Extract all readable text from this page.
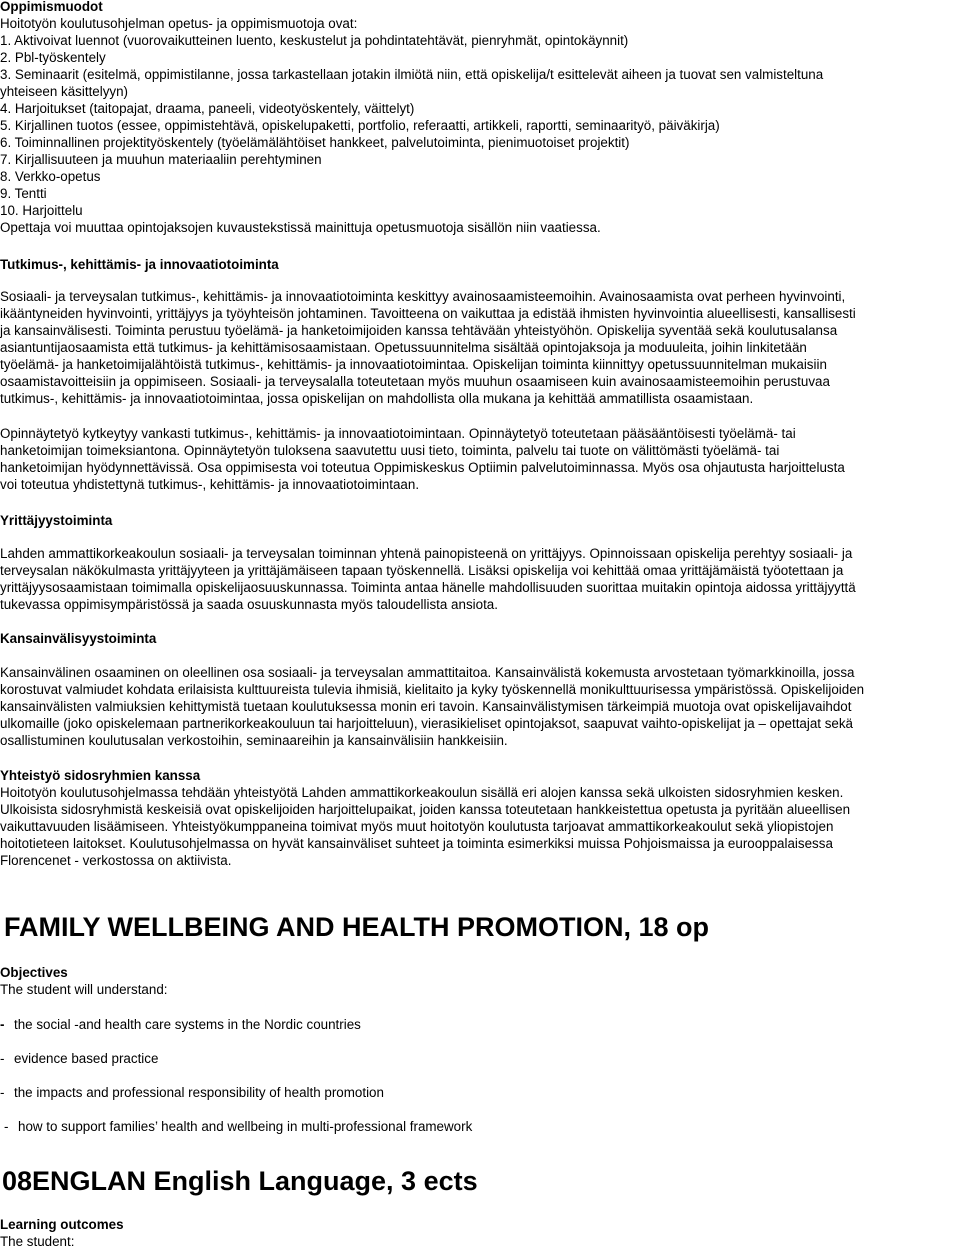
Oppimismuodot
Hoitotyön koulutusohjelman opetus- ja oppimismuotoja ovat:
1. Aktivoivat luennot (vuorovaikutteinen luento, keskustelut ja pohdintatehtävät, pienryhmät, opintokäynnit)
2. Pbl-työskentely
3. Seminaarit (esitelmä, oppimistilanne, jossa tarkastellaan jotakin ilmiötä niin, että opiskelija/t esittelevät aiheen ja tuovat sen valmisteltuna
yhteiseen käsittelyyn)
4. Harjoitukset (taitopajat, draama, paneeli, videotyöskentely, väittelyt)
5. Kirjallinen tuotos (essee, oppimistehtävä, opiskelupaketti, portfolio, referaatti, artikkeli, raportti, seminaarityö, päiväkirja)
6. Toiminnallinen projektityöskentely (työelämälähtöiset hankkeet, palvelutoiminta, pienimuotoiset projektit)
7. Kirjallisuuteen ja muuhun materiaaliin perehtyminen
8. Verkko-opetus
9. Tentti
10. Harjoittelu
Opettaja voi muuttaa opintojaksojen kuvaustekstissä mainittuja opetusmuotoja sisällön niin vaatiessa.
Tutkimus-, kehittämis- ja innovaatiotoiminta
Sosiaali- ja terveysalan tutkimus-, kehittämis- ja innovaatiotoiminta keskittyy avainosaamisteemoihin. Avainosaamista ovat perheen hyvinvointi,
ikääntyneiden hyvinvointi, yrittäjyys ja työyhteisön johtaminen. Tavoitteena on vaikuttaa ja edistää ihmisten hyvinvointia alueellisesti, kansallisesti
ja kansainvälisesti. Toiminta perustuu työelämä- ja hanketoimijoiden kanssa tehtävään yhteistyöhön. Opiskelija syventää sekä koulutusalansa
asiantuntijaosaamista että tutkimus- ja kehittämisosaamistaan. Opetussuunnitelma sisältää opintojaksoja ja moduuleita, joihin linkitetään
työelämä- ja hanketoimijalähtöistä tutkimus-, kehittämis- ja innovaatiotoimintaa. Opiskelijan toiminta kiinnittyy opetussuunnitelman mukaisiin
osaamistavoitteisiin ja oppimiseen. Sosiaali- ja terveysalalla toteutetaan myös muuhun osaamiseen kuin avainosaamisteemoihin perustuvaa
tutkimus-, kehittämis- ja innovaatiotoimintaa, jossa opiskelijan on mahdollista olla mukana ja kehittää ammatillista osaamistaan.
Opinnäytetyö kytkeytyy vankasti tutkimus-, kehittämis- ja innovaatiotoimintaan. Opinnäytetyö toteutetaan pääsääntöisesti työelämä- tai
hanketoimijan toimeksiantona. Opinnäytetyön tuloksena saavutettu uusi tieto, toiminta, palvelu tai tuote on välittömästi työelämä- tai
hanketoimijan hyödynnettävissä. Osa oppimisesta voi toteutua Oppimiskeskus Optiimin palvelutoiminnassa. Myös osa ohjautusta harjoittelusta
voi toteutua yhdistettynä tutkimus-, kehittämis- ja innovaatiotoimintaan.
Yrittäjyystoiminta
Lahden ammattikorkeakoulun sosiaali- ja terveysalan toiminnan yhtenä painopisteenä on yrittäjyys. Opinnoissaan opiskelija perehtyy sosiaali- ja
terveysalan näkökulmasta yrittäjyyteen ja yrittäjämäiseen tapaan työskennellä. Lisäksi opiskelija voi kehittää omaa yrittäjämäistä työotettaan ja
yrittäjyysosaamistaan toimimalla opiskelijaosuuskunnassa. Toiminta antaa hänelle mahdollisuuden suorittaa muitakin opintoja aidossa yrittäjyyttä
tukevassa oppimisympäristössä ja saada osuuskunnasta myös taloudellista ansiota.
Kansainvälisyystoiminta
Kansainvälinen osaaminen on oleellinen osa sosiaali- ja terveysalan ammattitaitoa. Kansainvälistä kokemusta arvostetaan työmarkkinoilla, jossa
korostuvat valmiudet kohdata erilaisista kulttuureista tulevia ihmisiä, kielitaito ja kyky työskennellä monikulttuurisessa ympäristössä. Opiskelijoiden
kansainvälisten valmiuksien kehittymistä tuetaan koulutuksessa monin eri tavoin. Kansainvälistymisen tärkeimpiä muotoja ovat opiskelijavaihdot
ulkomaille (joko opiskelemaan partnerikorkeakouluun tai harjoitteluun), vierasikieliset opintojaksot, saapuvat vaihto-opiskelijat ja – opettajat sekä
osallistuminen koulutusalan verkostoihin, seminaareihin ja kansainvälisiin hankkeisiin.
Yhteistyö sidosryhmien kanssa
Hoitotyön koulutusohjelmassa tehdään yhteistyötä Lahden ammattikorkeakoulun sisällä eri alojen kanssa sekä ulkoisten sidosryhmien kesken.
Ulkoisista sidosryhmistä keskeisiä ovat opiskelijoiden harjoittelupaikat, joiden kanssa toteutetaan hankkeistettua opetusta ja pyritään alueellisen
vaikuttavuuden lisäämiseen. Yhteistyökumppaneina toimivat myös muut hoitotyön koulutusta tarjoavat ammattikorkeakoulut sekä yliopistojen
hoitotieteen laitokset. Koulutusohjelmassa on hyvät kansainväliset suhteet ja toiminta esimerkiksi muissa Pohjoismaissa ja eurooppalaisessa
Florencenet - verkostossa on aktiivista.
FAMILY WELLBEING AND HEALTH PROMOTION, 18 op
Objectives
The student will understand:
- the social -and health care systems in the Nordic countries
- evidence based practice
- the impacts and professional responsibility of health promotion
- how to support families’ health and wellbeing in multi-professional framework
08ENGLAN English Language, 3 ects
Learning outcomes
The student:
